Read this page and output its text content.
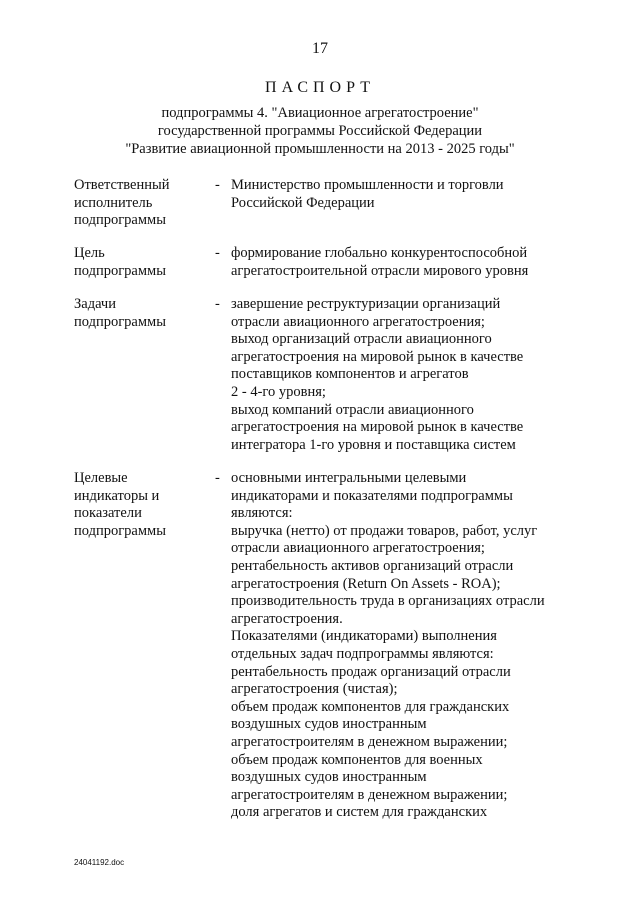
17
ПАСПОРТ
подпрограммы 4. "Авиационное агрегатостроение"
государственной программы Российской Федерации
"Развитие авиационной промышленности на 2013 - 2025 годы"
Ответственный
исполнитель
подпрограммы
- Министерство промышленности и торговли
Российской Федерации
Цель
подпрограммы
- формирование глобально конкурентоспособной
агрегатостроительной отрасли мирового уровня
Задачи
подпрограммы
- завершение реструктуризации организаций
отрасли авиационного агрегатостроения;
выход организаций отрасли авиационного
агрегатостроения на мировой рынок в качестве
поставщиков компонентов и агрегатов
2 - 4-го уровня;
выход компаний отрасли авиационного
агрегатостроения на мировой рынок в качестве
интегратора 1-го уровня и поставщика систем
Целевые
индикаторы и
показатели
подпрограммы
- основными интегральными целевыми
индикаторами и показателями подпрограммы
являются:
выручка (нетто) от продажи товаров, работ, услуг
отрасли авиационного агрегатостроения;
рентабельность активов организаций отрасли
агрегатостроения (Return On Assets - ROA);
производительность труда в организациях отрасли
агрегатостроения.
Показателями (индикаторами) выполнения
отдельных задач подпрограммы являются:
рентабельность продаж организаций отрасли
агрегатостроения (чистая);
объем продаж компонентов для гражданских
воздушных судов иностранным
агрегатостроителям в денежном выражении;
объем продаж компонентов для военных
воздушных судов иностранным
агрегатостроителям в денежном выражении;
доля агрегатов и систем для гражданских
24041192.doc
